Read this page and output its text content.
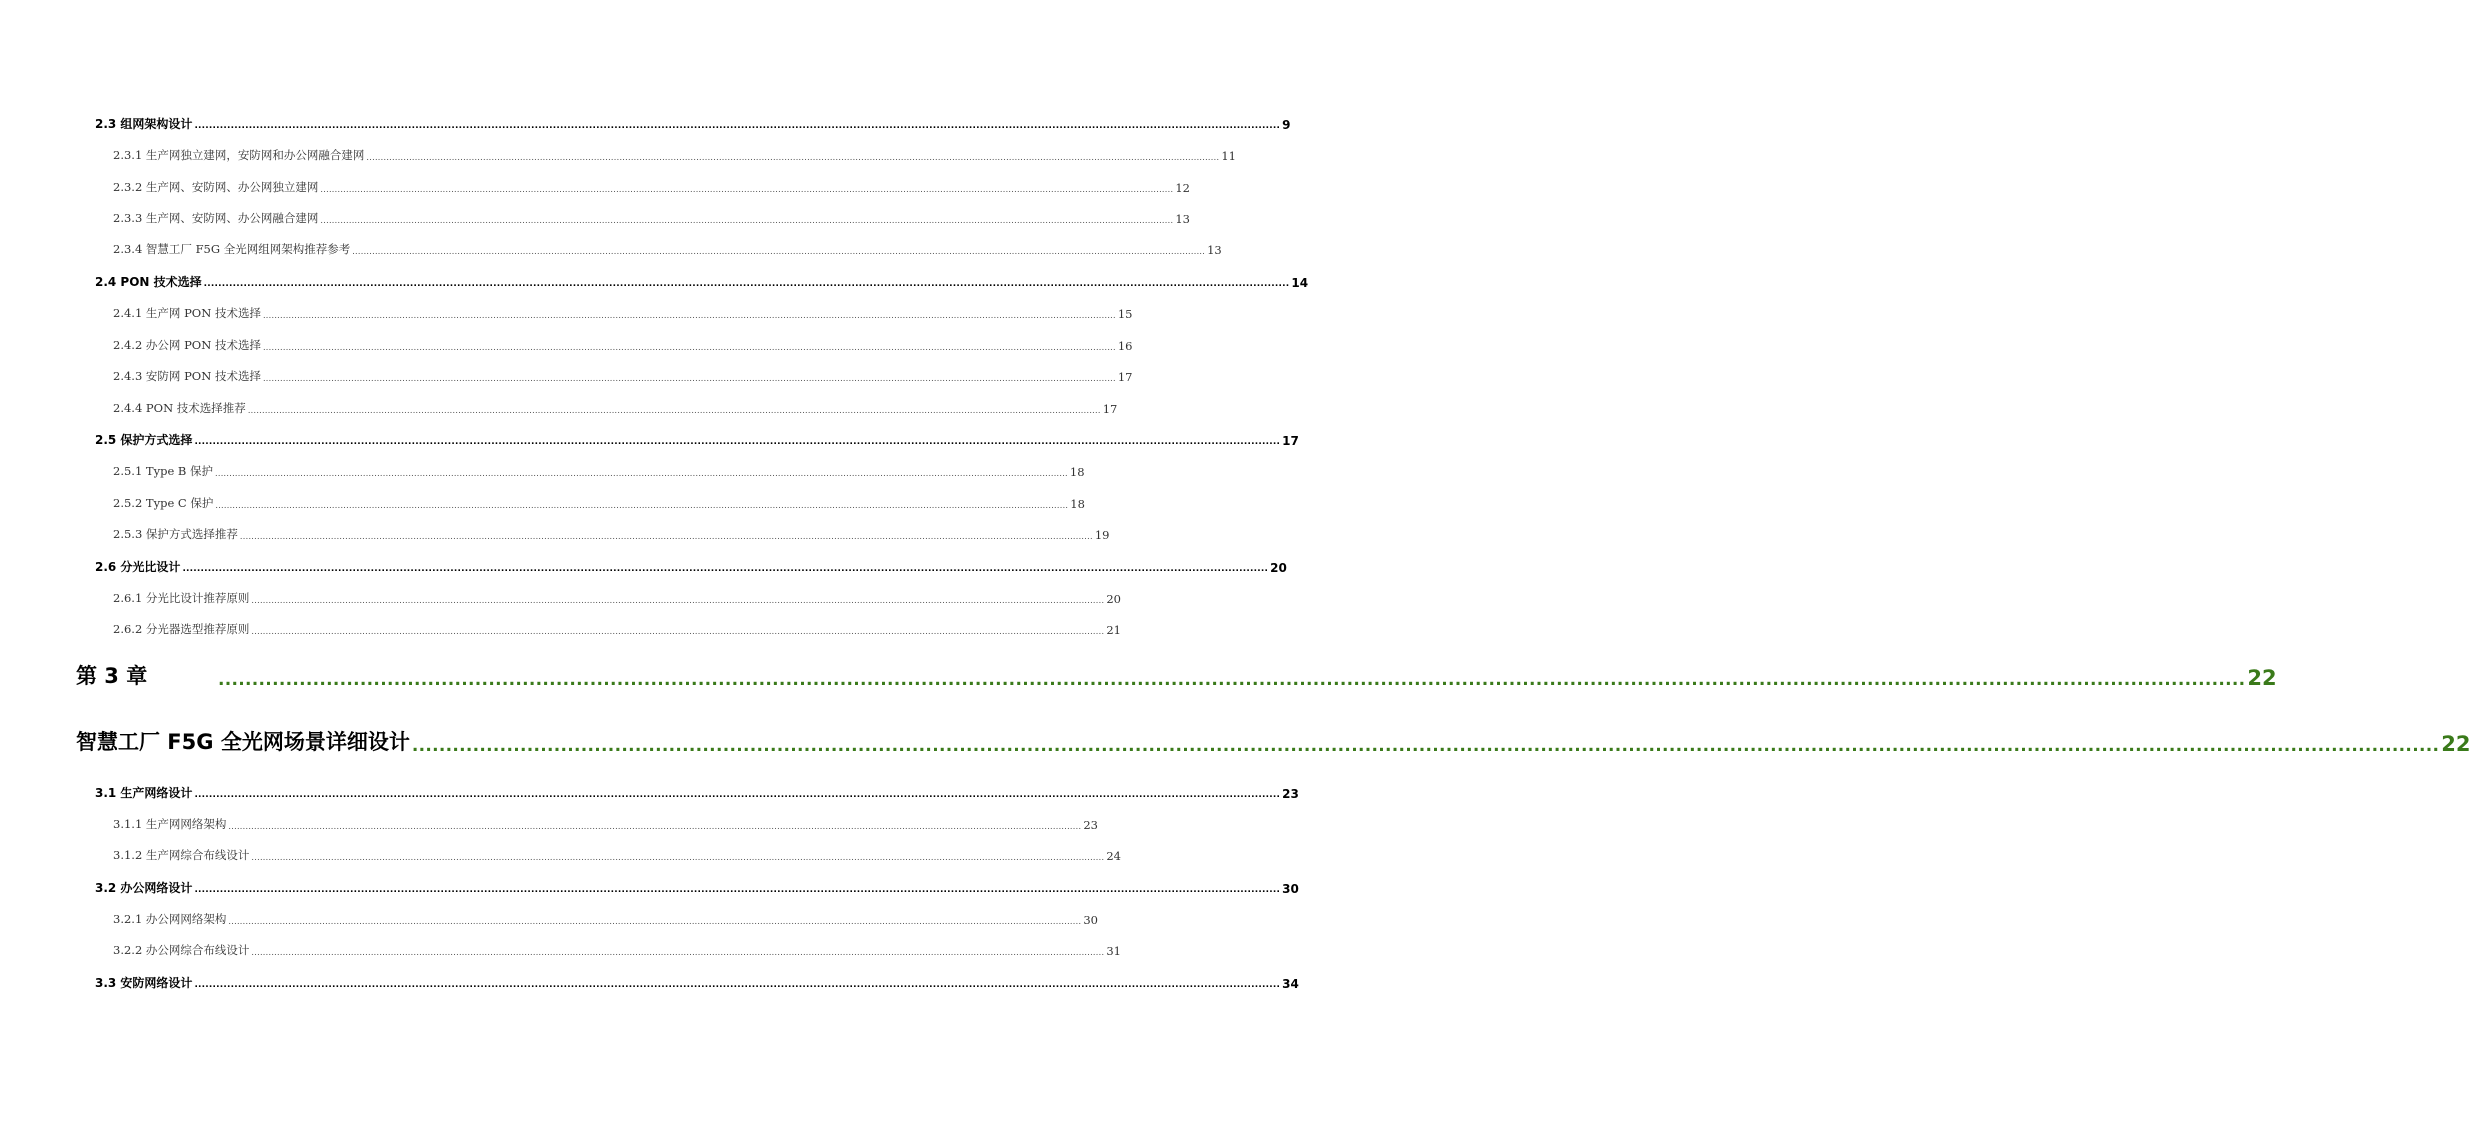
2.3 组网架构设计 ............................................................................................................................................................................................................................................................................................................ 9
2.3.1 生产网独立建网，安防网和办公网融合建网 ............................................................................................................................................................................................................................................................................................................ 11
2.3.2 生产网、安防网、办公网独立建网 ............................................................................................................................................................................................................................................................................................................ 12
2.3.3 生产网、安防网、办公网融合建网 ............................................................................................................................................................................................................................................................................................................ 13
2.3.4 智慧工厂 F5G 全光网组网架构推荐参考 ............................................................................................................................................................................................................................................................................................................ 13
2.4 PON 技术选择 ............................................................................................................................................................................................................................................................................................................ 14
2.4.1 生产网 PON 技术选择 ............................................................................................................................................................................................................................................................................................................ 15
2.4.2 办公网 PON 技术选择 ............................................................................................................................................................................................................................................................................................................ 16
2.4.3 安防网 PON 技术选择 ............................................................................................................................................................................................................................................................................................................ 17
2.4.4 PON 技术选择推荐 ............................................................................................................................................................................................................................................................................................................ 17
2.5 保护方式选择 ............................................................................................................................................................................................................................................................................................................ 17
2.5.1 Type B 保护 ............................................................................................................................................................................................................................................................................................................ 18
2.5.2 Type C 保护 ............................................................................................................................................................................................................................................................................................................ 18
2.5.3 保护方式选择推荐 ............................................................................................................................................................................................................................................................................................................ 19
2.6 分光比设计 ............................................................................................................................................................................................................................................................................................................ 20
2.6.1 分光比设计推荐原则 ............................................................................................................................................................................................................................................................................................................ 20
2.6.2 分光器选型推荐原则 ............................................................................................................................................................................................................................................................................................................ 21
第 3 章	............................................................................................................................................................................................................................................................................................................ 22
智慧工厂 F5G 全光网场景详细设计 ............................................................................................................................................................................................................................................................................................................ 22
3.1 生产网络设计 ............................................................................................................................................................................................................................................................................................................ 23
3.1.1 生产网网络架构 ............................................................................................................................................................................................................................................................................................................ 23
3.1.2 生产网综合布线设计 ............................................................................................................................................................................................................................................................................................................ 24
3.2 办公网络设计 ............................................................................................................................................................................................................................................................................................................ 30
3.2.1 办公网网络架构 ............................................................................................................................................................................................................................................................................................................ 30
3.2.2 办公网综合布线设计 ............................................................................................................................................................................................................................................................................................................ 31
3.3 安防网络设计 ............................................................................................................................................................................................................................................................................................................ 34
